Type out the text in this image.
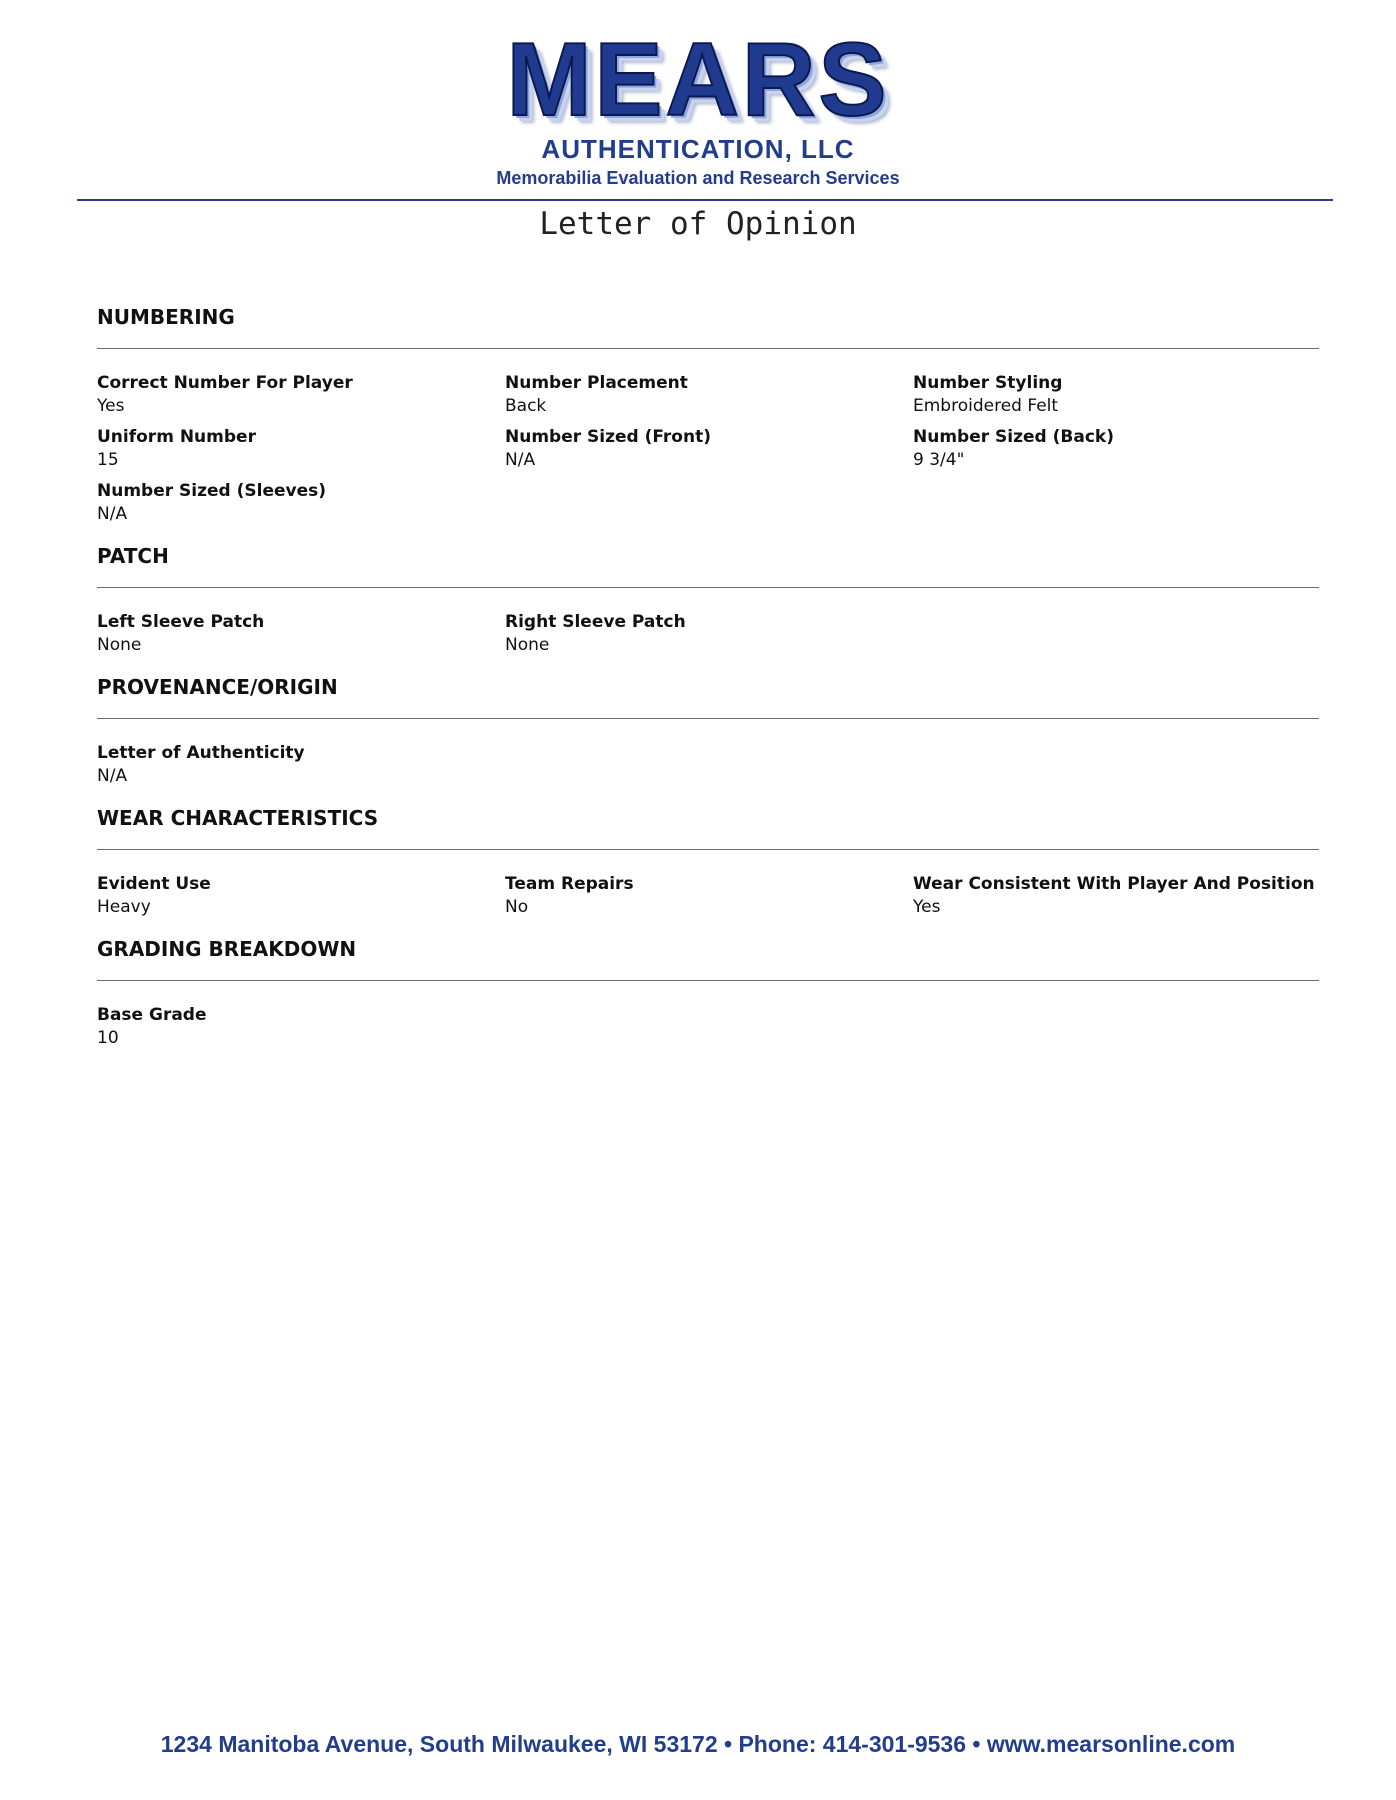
MEARS
AUTHENTICATION, LLC
Memorabilia Evaluation and Research Services
Letter of Opinion
NUMBERING
Correct Number For Player
Yes
Number Placement
Back
Number Styling
Embroidered Felt
Uniform Number
15
Number Sized (Front)
N/A
Number Sized (Back)
9 3/4"
Number Sized (Sleeves)
N/A
PATCH
Left Sleeve Patch
None
Right Sleeve Patch
None
PROVENANCE/ORIGIN
Letter of Authenticity
N/A
WEAR CHARACTERISTICS
Evident Use
Heavy
Team Repairs
No
Wear Consistent With Player And Position
Yes
GRADING BREAKDOWN
Base Grade
10
1234 Manitoba Avenue, South Milwaukee, WI 53172 • Phone: 414-301-9536 • www.mearsonline.com
